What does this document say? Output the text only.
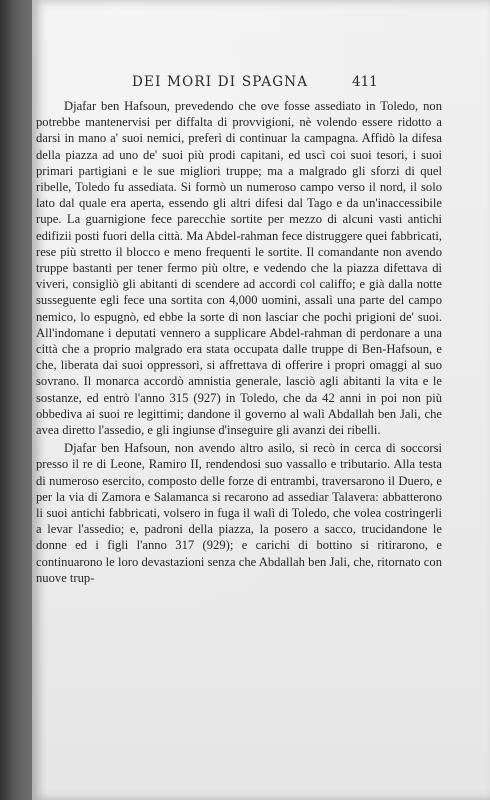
DEI MORI DI SPAGNA	411

Djafar ben Hafsoun, prevedendo che ove fosse assediato in Toledo, non potrebbe mantenervisi per diffalta di provvigioni, nè volendo essere ridotto a darsi in mano a' suoi nemici, preferì di continuar la campagna. Affidò la difesa della piazza ad uno de' suoi più prodi capitani, ed uscì coi suoi tesori, i suoi primari partigiani e le sue migliori truppe; ma a malgrado gli sforzi di quel ribelle, Toledo fu assediata. Si formò un numeroso campo verso il nord, il solo lato dal quale era aperta, essendo gli altri difesi dal Tago e da un'inaccessibile rupe. La guarnigione fece parecchie sortite per mezzo di alcuni vasti antichi edifizii posti fuori della città. Ma Abdel-rahman fece distruggere quei fabbricati, rese più stretto il blocco e meno frequenti le sortite. Il comandante non avendo truppe bastanti per tener fermo più oltre, e vedendo che la piazza difettava di viveri, consigliò gli abitanti di scendere ad accordi col califfo; e già dalla notte susseguente egli fece una sortita con 4,000 uomini, assalì una parte del campo nemico, lo espugnò, ed ebbe la sorte di non lasciar che pochi prigioni de' suoi. All'indomane i deputati vennero a supplicare Abdel-rahman di perdonare a una città che a proprio malgrado era stata occupata dalle truppe di Ben-Hafsoun, e che, liberata dai suoi oppressori, si affrettava di offerire i propri omaggi al suo sovrano. Il monarca accordò amnistia generale, lasciò agli abitanti la vita e le sostanze, ed entrò l'anno 315 (927) in Toledo, che da 42 anni in poi non più obbediva ai suoi re legittimi; dandone il governo al walì Abdallah ben Jali, che avea diretto l'assedio, e gli ingiunse d'inseguire gli avanzi dei ribelli.

Djafar ben Hafsoun, non avendo altro asilo, si recò in cerca di soccorsi presso il re di Leone, Ramiro II, rendendosi suo vassallo e tributario. Alla testa di numeroso esercito, composto delle forze di entrambi, traversarono il Duero, e per la via di Zamora e Salamanca si recarono ad assediar Talavera: abbatterono li suoi antichi fabbricati, volsero in fuga il walì di Toledo, che volea costringerli a levar l'assedio; e, padroni della piazza, la posero a sacco, trucidandone le donne ed i figli l'anno 317 (929); e carichi di bottino si ritirarono, e continuarono le loro devastazioni senza che Abdallah ben Jali, che, ritornato con nuove trup-
